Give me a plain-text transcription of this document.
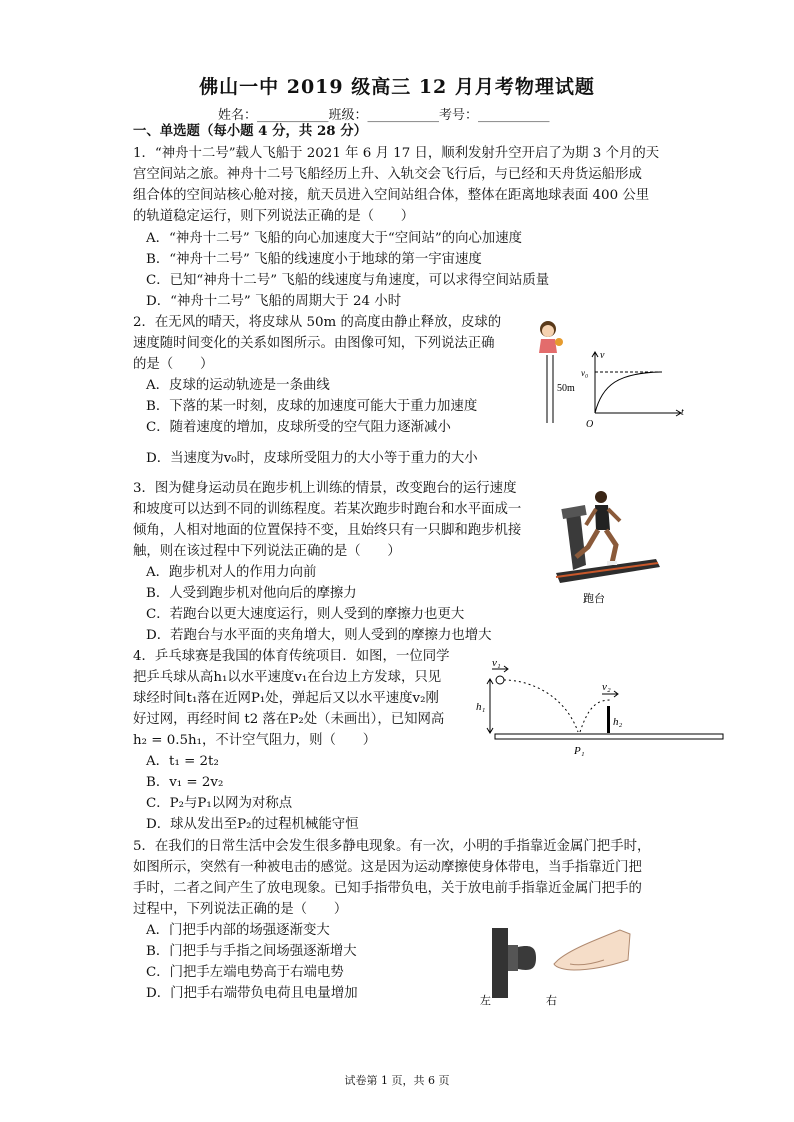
佛山一中 2019 级高三 12 月月考物理试题
姓名：___________班级：___________考号：___________
一、单选题（每小题 4 分，共 28 分）
1．“神舟十二号”载人飞船于 2021 年 6 月 17 日，顺利发射升空开启了为期 3 个月的天
宫空间站之旅。神舟十二号飞船经历上升、入轨交会飞行后，与已经和天舟货运船形成
组合体的空间站核心舱对接，航天员进入空间站组合体，整体在距离地球表面 400 公里
的轨道稳定运行，则下列说法正确的是（　　）
A．“神舟十二号” 飞船的向心加速度大于“空间站”的向心加速度
B．“神舟十二号” 飞船的线速度小于地球的第一宇宙速度
C．已知“神舟十二号” 飞船的线速度与角速度，可以求得空间站质量
D．“神舟十二号” 飞船的周期大于 24 小时
2．在无风的晴天，将皮球从 50m 的高度由静止释放，皮球的
速度随时间变化的关系如图所示。由图像可知，下列说法正确
的是（　　）
A．皮球的运动轨迹是一条曲线
B．下落的某一时刻，皮球的加速度可能大于重力加速度
C．随着速度的增加，皮球所受的空气阻力逐渐减小
D．当速度为v₀时，皮球所受阻力的大小等于重力的大小
50m
v
t
O
v₀
3．图为健身运动员在跑步机上训练的情景，改变跑台的运行速度
和坡度可以达到不同的训练程度。若某次跑步时跑台和水平面成一
倾角，人相对地面的位置保持不变，且始终只有一只脚和跑步机接
触，则在该过程中下列说法正确的是（　　）
A．跑步机对人的作用力向前
B．人受到跑步机对他向后的摩擦力
C．若跑台以更大速度运行，则人受到的摩擦力也更大
D．若跑台与水平面的夹角增大，则人受到的摩擦力也增大
跑台
4．乒乓球赛是我国的体育传统项目．如图，一位同学
把乒乓球从高h₁以水平速度v₁在台边上方发球，只见
球经时间t₁落在近网P₁处，弹起后又以水平速度v₂刚
好过网，再经时间 t2 落在P₂处（未画出），已知网高
h₂ = 0.5h₁，不计空气阻力，则（　　）
A．t₁ = 2t₂
B．v₁ = 2v₂
C．P₂与P₁以网为对称点
D．球从发出至P₂的过程机械能守恒
v₁
v₂
h₁
h₂
P₁
5．在我们的日常生活中会发生很多静电现象。有一次，小明的手指靠近金属门把手时，
如图所示，突然有一种被电击的感觉。这是因为运动摩擦使身体带电，当手指靠近门把
手时，二者之间产生了放电现象。已知手指带负电，关于放电前手指靠近金属门把手的
过程中，下列说法正确的是（　　）
A．门把手内部的场强逐渐变大
B．门把手与手指之间场强逐渐增大
C．门把手左端电势高于右端电势
D．门把手右端带负电荷且电量增加	左	右
试卷第 1 页，共 6 页
